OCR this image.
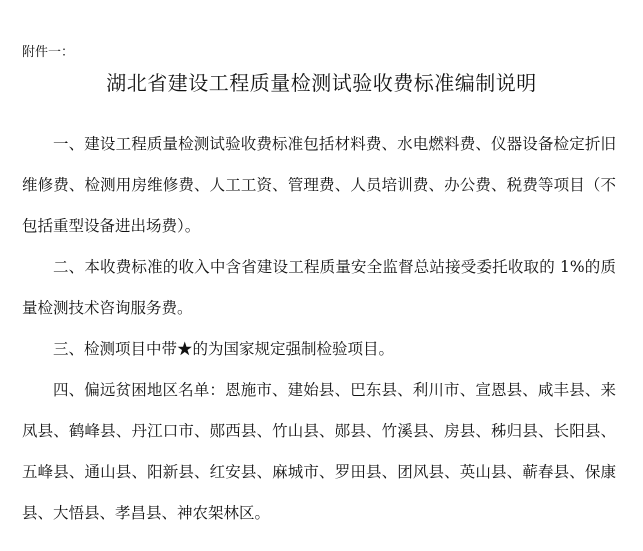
附件一：
湖北省建设工程质量检测试验收费标准编制说明

一、建设工程质量检测试验收费标准包括材料费、水电燃料费、仪器设备检定折旧维修费、检测用房维修费、人工工资、管理费、人员培训费、办公费、税费等项目（不包括重型设备进出场费）。

二、本收费标准的收入中含省建设工程质量安全监督总站接受委托收取的 1%的质量检测技术咨询服务费。

三、检测项目中带★的为国家规定强制检验项目。

四、偏远贫困地区名单：恩施市、建始县、巴东县、利川市、宣恩县、咸丰县、来凤县、鹤峰县、丹江口市、郧西县、竹山县、郧县、竹溪县、房县、秭归县、长阳县、五峰县、通山县、阳新县、红安县、麻城市、罗田县、团风县、英山县、蕲春县、保康县、大悟县、孝昌县、神农架林区。
